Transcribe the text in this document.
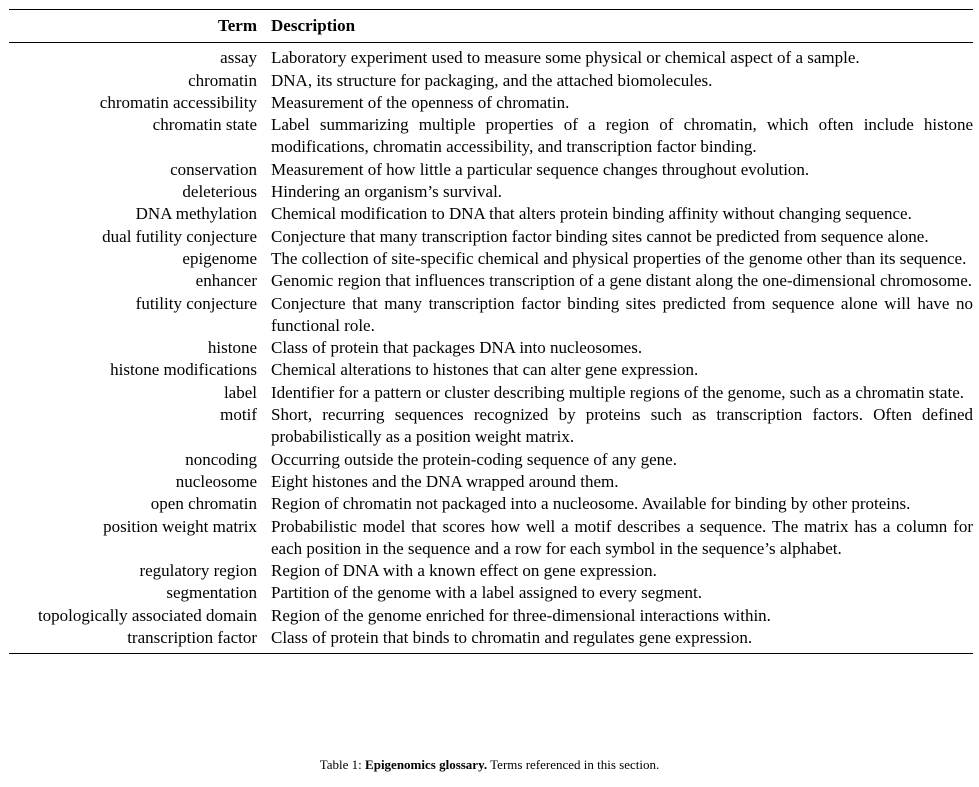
Term	Description
assay	Laboratory experiment used to measure some physical or chemical aspect of a sample.
chromatin	DNA, its structure for packaging, and the attached biomolecules.
chromatin accessibility	Measurement of the openness of chromatin.
chromatin state	Label summarizing multiple properties of a region of chromatin, which often include histone modifications, chromatin accessibility, and transcription factor binding.
conservation	Measurement of how little a particular sequence changes throughout evolution.
deleterious	Hindering an organism’s survival.
DNA methylation	Chemical modification to DNA that alters protein binding affinity without changing sequence.
dual futility conjecture	Conjecture that many transcription factor binding sites cannot be predicted from sequence alone.
epigenome	The collection of site-specific chemical and physical properties of the genome other than its sequence.
enhancer	Genomic region that influences transcription of a gene distant along the one-dimensional chromosome.
futility conjecture	Conjecture that many transcription factor binding sites predicted from sequence alone will have no functional role.
histone	Class of protein that packages DNA into nucleosomes.
histone modifications	Chemical alterations to histones that can alter gene expression.
label	Identifier for a pattern or cluster describing multiple regions of the genome, such as a chromatin state.
motif	Short, recurring sequences recognized by proteins such as transcription factors. Often defined probabilistically as a position weight matrix.
noncoding	Occurring outside the protein-coding sequence of any gene.
nucleosome	Eight histones and the DNA wrapped around them.
open chromatin	Region of chromatin not packaged into a nucleosome. Available for binding by other proteins.
position weight matrix	Probabilistic model that scores how well a motif describes a sequence. The matrix has a column for each position in the sequence and a row for each symbol in the sequence’s alphabet.
regulatory region	Region of DNA with a known effect on gene expression.
segmentation	Partition of the genome with a label assigned to every segment.
topologically associated domain	Region of the genome enriched for three-dimensional interactions within.
transcription factor	Class of protein that binds to chromatin and regulates gene expression.
Table 1: Epigenomics glossary. Terms referenced in this section.
